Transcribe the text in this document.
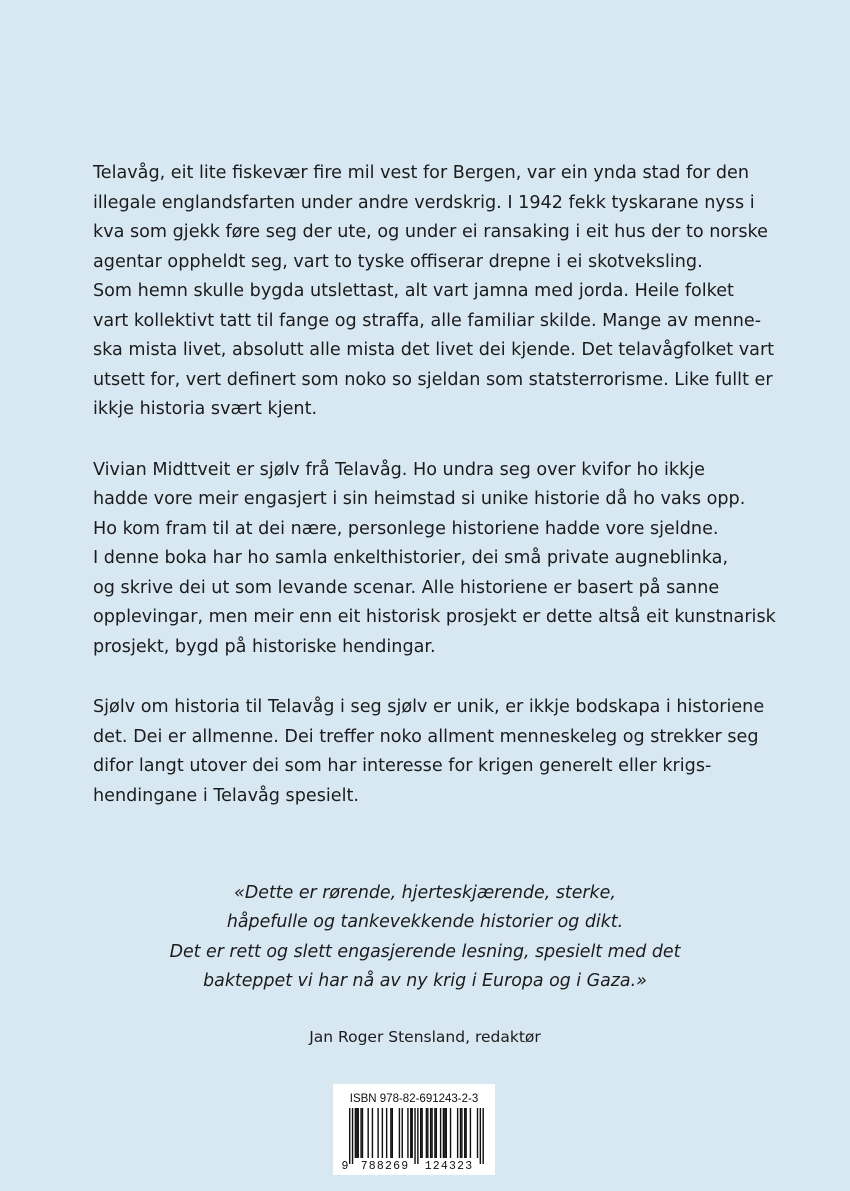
Telavåg, eit lite fiskevær fire mil vest for Bergen, var ein ynda stad for den
illegale englandsfarten under andre verdskrig. I 1942 fekk tyskarane nyss i
kva som gjekk føre seg der ute, og under ei ransaking i eit hus der to norske
agentar oppheldt seg, vart to tyske offiserar drepne i ei skotveksling.
Som hemn skulle bygda utslettast, alt vart jamna med jorda. Heile folket
vart kollektivt tatt til fange og straffa, alle familiar skilde. Mange av menne-
ska mista livet, absolutt alle mista det livet dei kjende. Det telavågfolket vart
utsett for, vert definert som noko so sjeldan som statsterrorisme. Like fullt er
ikkje historia svært kjent.
Vivian Midttveit er sjølv frå Telavåg. Ho undra seg over kvifor ho ikkje
hadde vore meir engasjert i sin heimstad si unike historie då ho vaks opp.
Ho kom fram til at dei nære, personlege historiene hadde vore sjeldne.
I denne boka har ho samla enkelthistorier, dei små private augneblinka,
og skrive dei ut som levande scenar. Alle historiene er basert på sanne
opplevingar, men meir enn eit historisk prosjekt er dette altså eit kunstnarisk
prosjekt, bygd på historiske hendingar.
Sjølv om historia til Telavåg i seg sjølv er unik, er ikkje bodskapa i historiene
det. Dei er allmenne. Dei treffer noko allment menneskeleg og strekker seg
difor langt utover dei som har interesse for krigen generelt eller krigs-
hendingane i Telavåg spesielt.
«Dette er rørende, hjerteskjærende, sterke,
håpefulle og tankevekkende historier og dikt.
Det er rett og slett engasjerende lesning, spesielt med det
bakteppet vi har nå av ny krig i Europa og i Gaza.»
Jan Roger Stensland, redaktør
ISBN 978-82-691243-2-3
9 788269 124323
